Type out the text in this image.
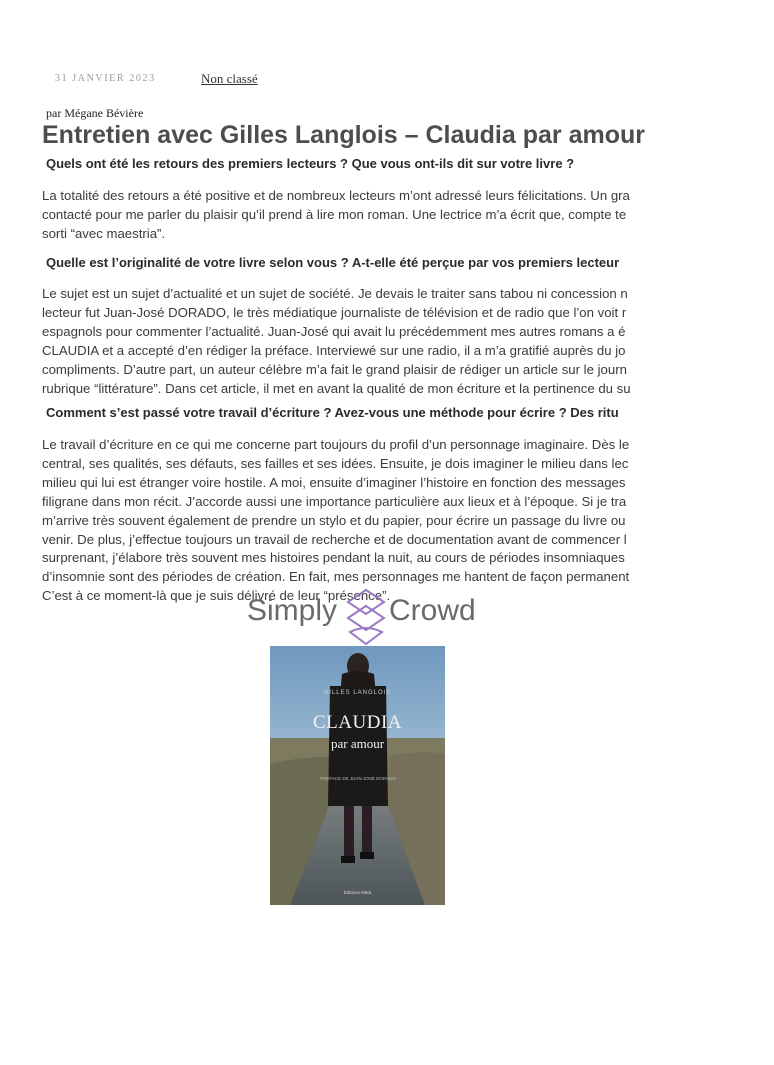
31 JANVIER 2023	Non classé
par Mégane Bévière
Entretien avec Gilles Langlois – Claudia par amour
Quels ont été les retours des premiers lecteurs ? Que vous ont-ils dit sur votre livre ?
La totalité des retours a été positive et de nombreux lecteurs m’ont adressé leurs félicitations. Un gra
contacté pour me parler du plaisir qu’il prend à lire mon roman. Une lectrice m’a écrit que, compte te
sorti “avec maestria”.
Quelle est l’originalité de votre livre selon vous ? A-t-elle été perçue par vos premiers lecteur
Le sujet est un sujet d’actualité et un sujet de société. Je devais le traiter sans tabou ni concession n
lecteur fut Juan-José DORADO, le très médiatique journaliste de télévision et de radio que l’on voit r
espagnols pour commenter l’actualité. Juan-José qui avait lu précédemment mes autres romans a é
CLAUDIA et a accepté d’en rédiger la préface. Interviewé sur une radio, il a m’a gratifié auprès du jo
compliments. D’autre part, un auteur célèbre m’a fait le grand plaisir de rédiger un article sur le journ
rubrique “littérature”. Dans cet article, il met en avant la qualité de mon écriture et la pertinence du su
Comment s’est passé votre travail d’écriture ? Avez-vous une méthode pour écrire ? Des ritu
Le travail d’écriture en ce qui me concerne part toujours du profil d’un personnage imaginaire. Dès le
central, ses qualités, ses défauts, ses failles et ses idées. Ensuite, je dois imaginer le milieu dans lec
milieu qui lui est étranger voire hostile. A moi, ensuite d’imaginer l’histoire en fonction des messages
filigrane dans mon récit. J’accorde aussi une importance particulière aux lieux et à l’époque. Si je tra
m’arrive très souvent également de prendre un stylo et du papier, pour écrire un passage du livre ou
venir. De plus, j’effectue toujours un travail de recherche et de documentation avant de commencer l
surprenant, j’élabore très souvent mes histoires pendant la nuit, au cours de périodes insomniaques
d’insomnie sont des périodes de création. En fait, mes personnages me hantent de façon permanent
C’est à ce moment-là que je suis délivré de leur “présence”.
Simply Crowd
GILLES LANGLOIS
CLAUDIA
par amour
PRÉFACE DE JUAN-JOSÉ DORADO
Éditions Maïa
